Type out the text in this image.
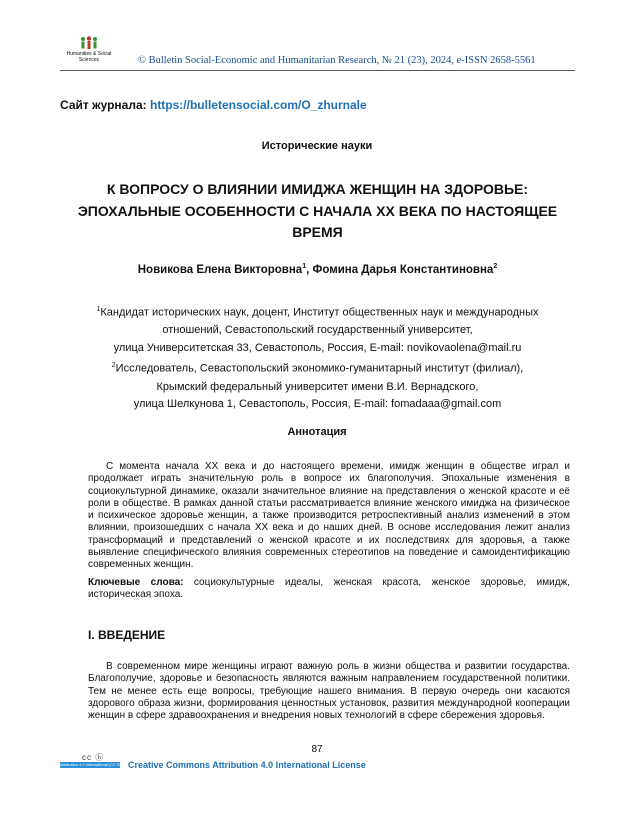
Humanities & Social
Sciences	© Bulletin Social-Economic and Humanitarian Research, № 21 (23), 2024, e-ISSN 2658-5561
Сайт журнала: https://bulletensocial.com/O_zhurnale
Исторические науки
К ВОПРОСУ О ВЛИЯНИИ ИМИДЖА ЖЕНЩИН НА ЗДОРОВЬЕ:
ЭПОХАЛЬНЫЕ ОСОБЕННОСТИ С НАЧАЛА XX ВЕКА ПО НАСТОЯЩЕЕ
ВРЕМЯ
Новикова Елена Викторовна$^1$, Фомина Дарья Константиновна$^2$
$^1$Кандидат исторических наук, доцент, Институт общественных наук и международных
отношений, Севастопольский государственный университет,
улица Университетская 33, Севастополь, Россия, E-mail: novikovaolena@mail.ru
$^2$Исследователь, Севастопольский экономико-гуманитарный институт (филиал),
Крымский федеральный университет имени В.И. Вернадского,
улица Шелкунова 1, Севастополь, Россия, E-mail: fomadaaa@gmail.com
Аннотация
С момента начала XX века и до настоящего времени, имидж женщин в обществе играл и продолжает играть значительную роль в вопросе их благополучия. Эпохальные изменения в социокультурной динамике, оказали значительное влияние на представления о женской красоте и её роли в обществе. В рамках данной статьи рассматривается влияние женского имиджа на физическое и психическое здоровье женщин, а также производится ретроспективный анализ изменений в этом влиянии, произошедших с начала XX века и до наших дней. В основе исследования лежит анализ трансформаций и представлений о женской красоте и их последствиях для здоровья, а также выявление специфического влияния современных стереотипов на поведение и самоидентификацию современных женщин.
Ключевые слова: социокультурные идеалы, женская красота, женское здоровье, имидж, историческая эпоха.
I. ВВЕДЕНИЕ
В современном мире женщины играют важную роль в жизни общества и развитии государства. Благополучие, здоровье и безопасность являются важным направлением государственной политики. Тем не менее есть еще вопросы, требующие нашего внимания. В первую очередь они касаются здорового образа жизни, формирования ценностных установок, развития международной кооперации женщин в сфере здравоохранения и внедрения новых технологий в сфере сбережения здоровья.
87
cc ⓑ
Attribution 4.0 International (CC BY 4.0)
Creative Commons Attribution 4.0 International License
